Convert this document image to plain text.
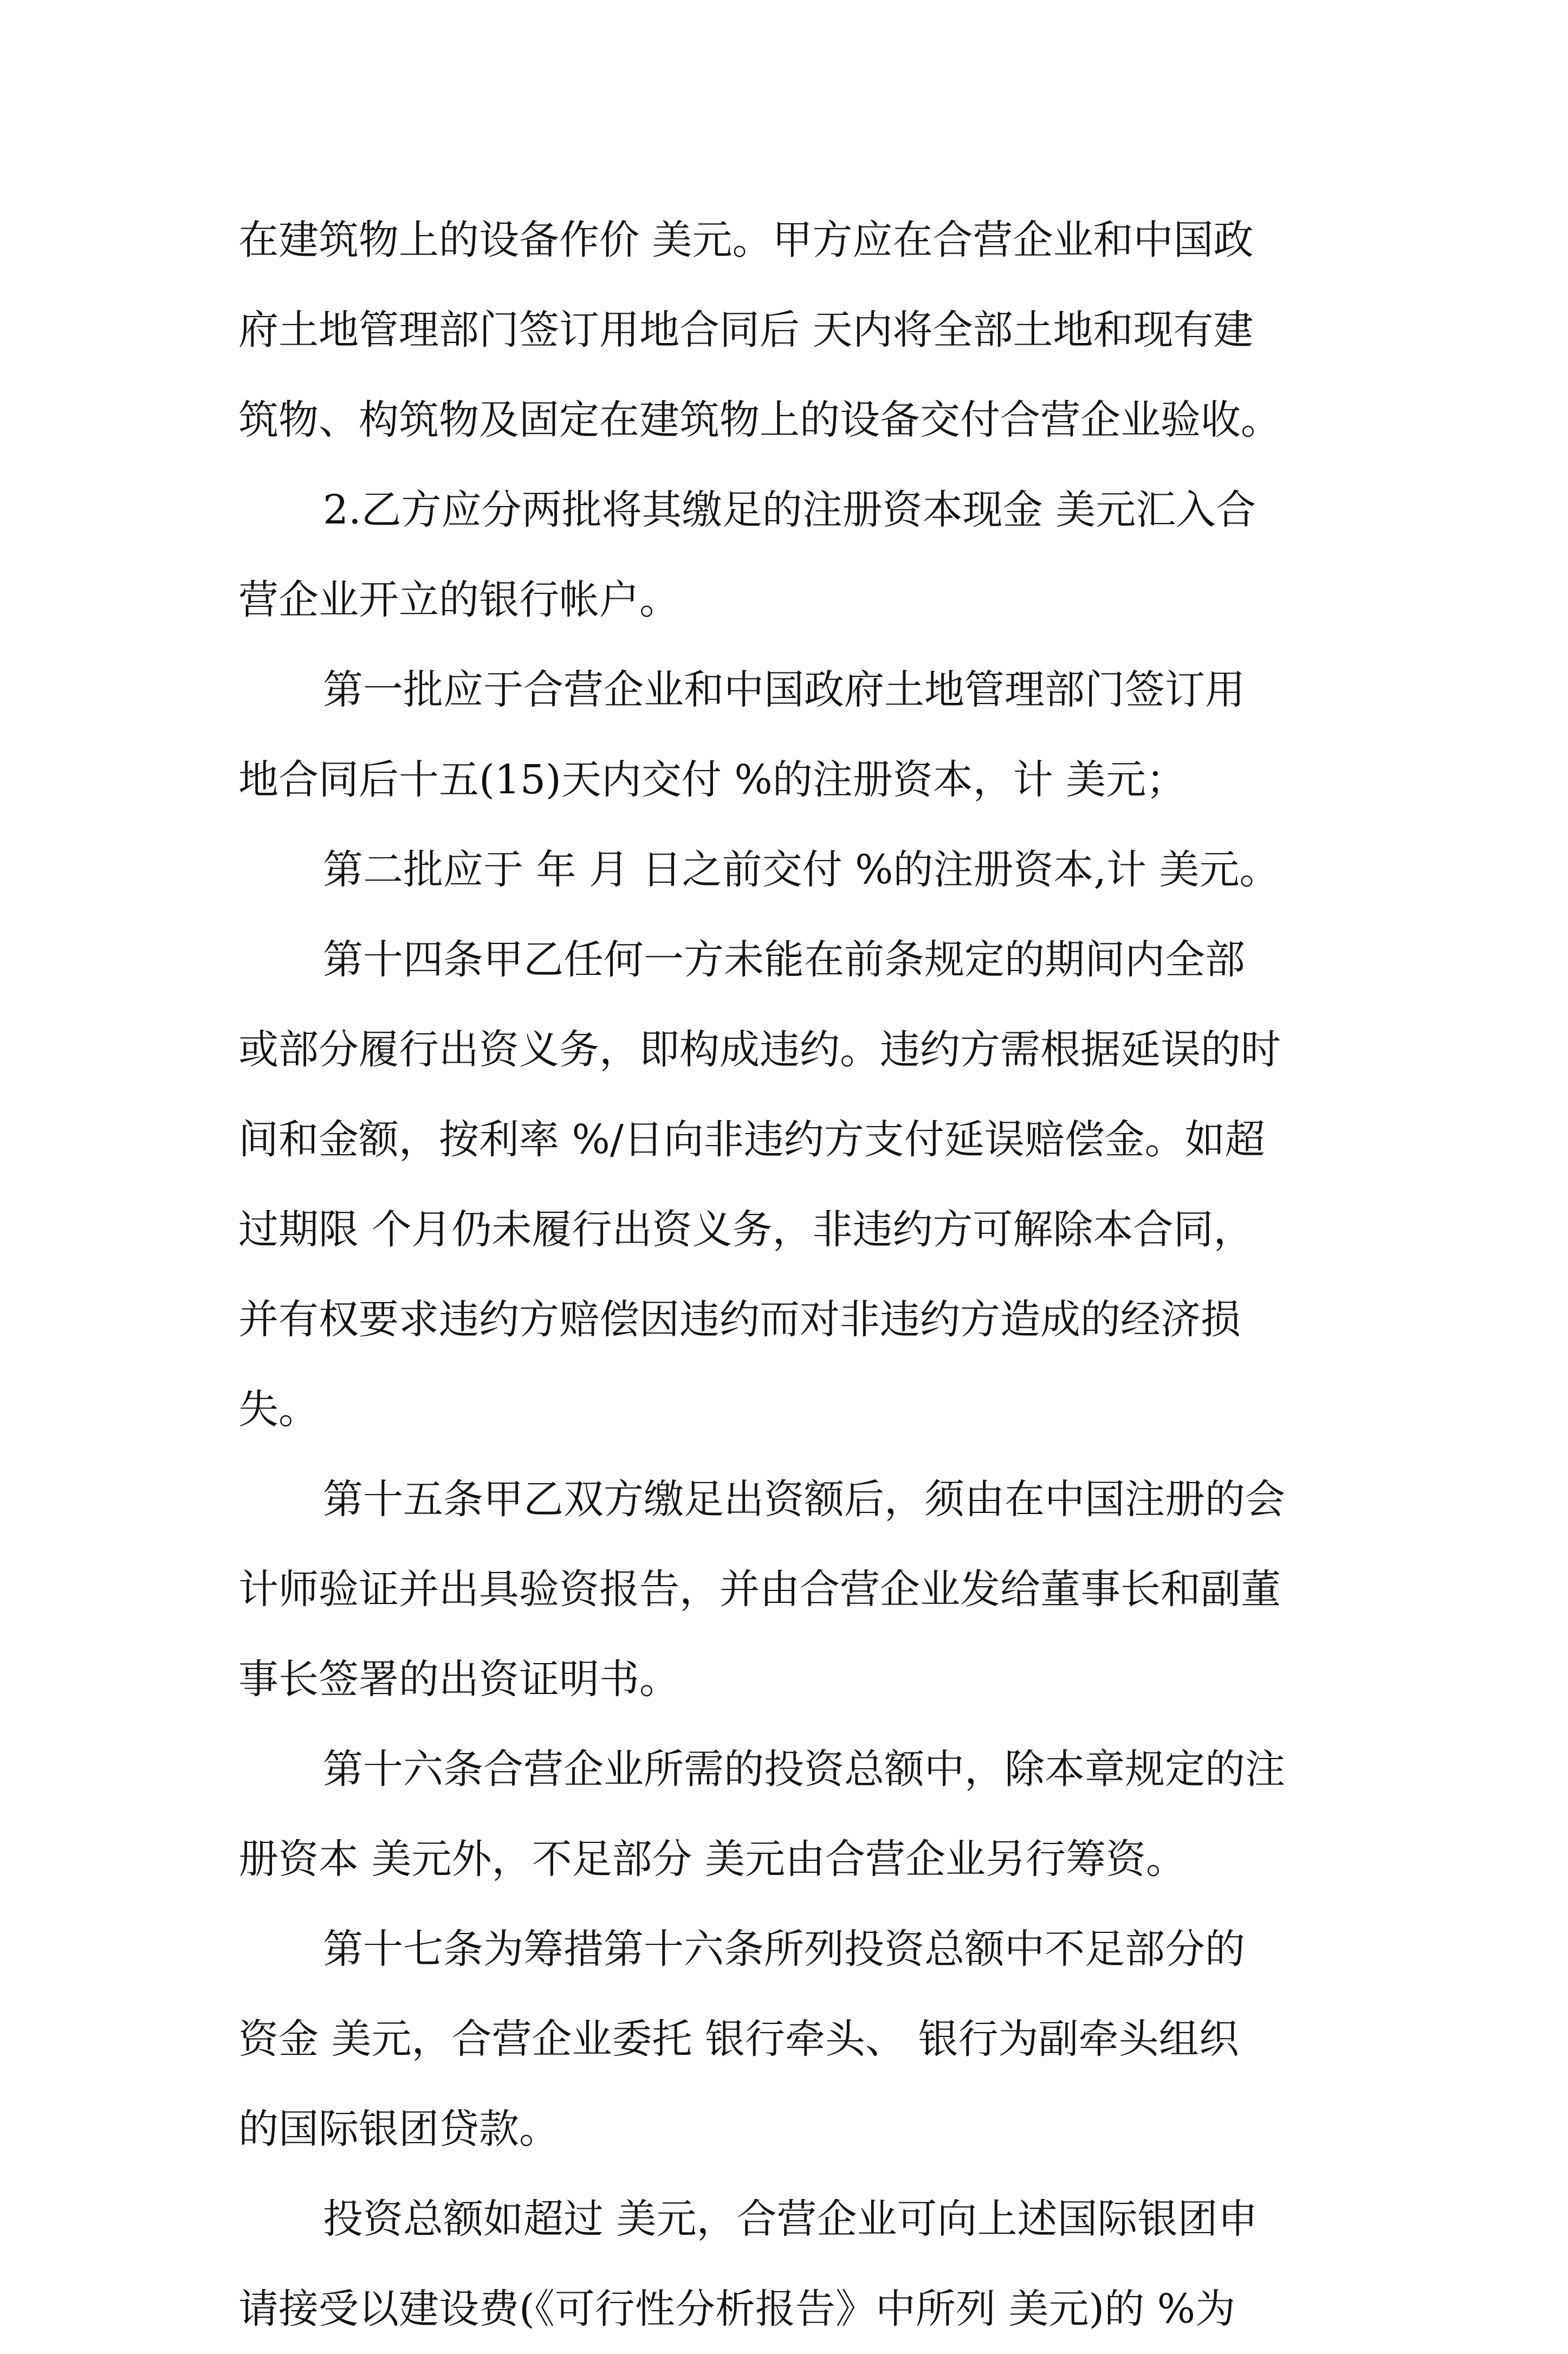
在建筑物上的设备作价 美元。甲方应在合营企业和中国政
府土地管理部门签订用地合同后 天内将全部土地和现有建
筑物、构筑物及固定在建筑物上的设备交付合营企业验收。
2.乙方应分两批将其缴足的注册资本现金 美元汇入合
营企业开立的银行帐户。
第一批应于合营企业和中国政府土地管理部门签订用
地合同后十五(15)天内交付 %的注册资本，计 美元；
第二批应于 年 月 日之前交付 %的注册资本,计 美元。
第十四条甲乙任何一方未能在前条规定的期间内全部
或部分履行出资义务，即构成违约。违约方需根据延误的时
间和金额，按利率 %/日向非违约方支付延误赔偿金。如超
过期限 个月仍未履行出资义务，非违约方可解除本合同，
并有权要求违约方赔偿因违约而对非违约方造成的经济损
失。
第十五条甲乙双方缴足出资额后，须由在中国注册的会
计师验证并出具验资报告，并由合营企业发给董事长和副董
事长签署的出资证明书。
第十六条合营企业所需的投资总额中，除本章规定的注
册资本 美元外，不足部分 美元由合营企业另行筹资。
第十七条为筹措第十六条所列投资总额中不足部分的
资金 美元，合营企业委托 银行牵头、 银行为副牵头组织
的国际银团贷款。
投资总额如超过 美元，合营企业可向上述国际银团申
请接受以建设费(《可行性分析报告》中所列 美元)的 %为
